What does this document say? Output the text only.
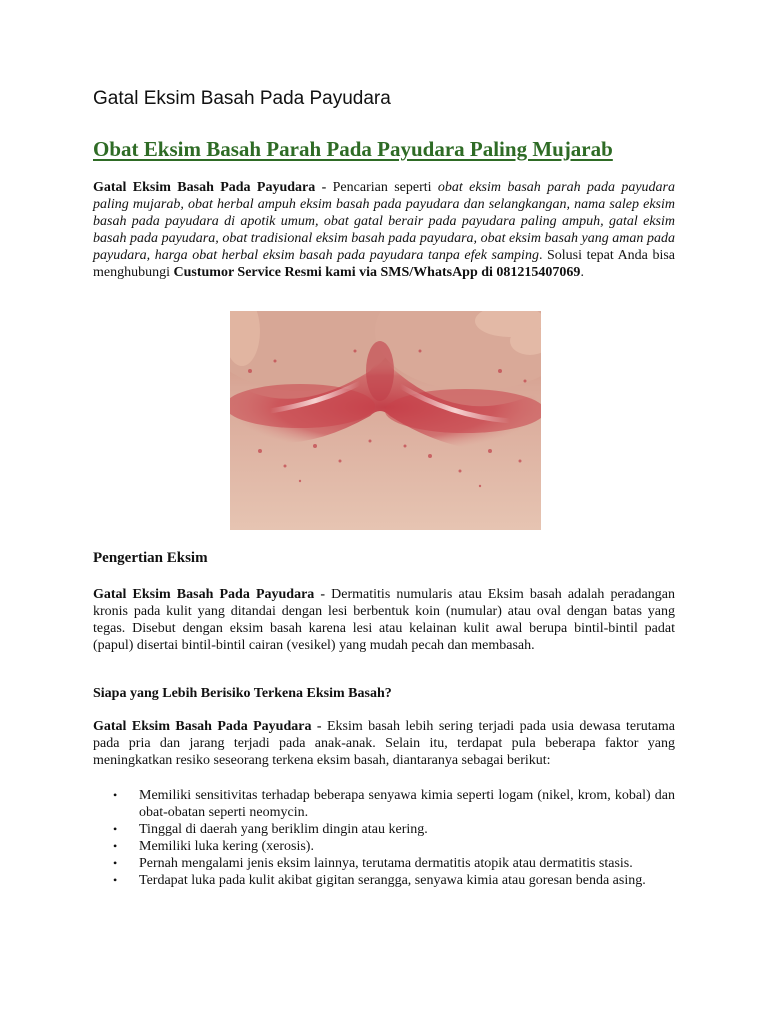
Gatal Eksim Basah Pada Payudara
Obat Eksim Basah Parah Pada Payudara Paling Mujarab

Gatal Eksim Basah Pada Payudara - Pencarian seperti obat eksim basah parah pada payudara paling mujarab, obat herbal ampuh eksim basah pada payudara dan selangkangan, nama salep eksim basah pada payudara di apotik umum, obat gatal berair pada payudara paling ampuh, gatal eksim basah pada payudara, obat tradisional eksim basah pada payudara, obat eksim basah yang aman pada payudara, harga obat herbal eksim basah pada payudara tanpa efek samping. Solusi tepat Anda bisa menghubungi Custumor Service Resmi kami via SMS/WhatsApp di 081215407069.

Pengertian Eksim

Gatal Eksim Basah Pada Payudara - Dermatitis numularis atau Eksim basah adalah peradangan kronis pada kulit yang ditandai dengan lesi berbentuk koin (numular) atau oval dengan batas yang tegas. Disebut dengan eksim basah karena lesi atau kelainan kulit awal berupa bintil-bintil padat (papul) disertai bintil-bintil cairan (vesikel) yang mudah pecah dan membasah.

Siapa yang Lebih Berisiko Terkena Eksim Basah?

Gatal Eksim Basah Pada Payudara - Eksim basah lebih sering terjadi pada usia dewasa terutama pada pria dan jarang terjadi pada anak-anak. Selain itu, terdapat pula beberapa faktor yang meningkatkan resiko seseorang terkena eksim basah, diantaranya sebagai berikut:

• Memiliki sensitivitas terhadap beberapa senyawa kimia seperti logam (nikel, krom, kobal) dan obat-obatan seperti neomycin.
• Tinggal di daerah yang beriklim dingin atau kering.
• Memiliki luka kering (xerosis).
• Pernah mengalami jenis eksim lainnya, terutama dermatitis atopik atau dermatitis stasis.
• Terdapat luka pada kulit akibat gigitan serangga, senyawa kimia atau goresan benda asing.
